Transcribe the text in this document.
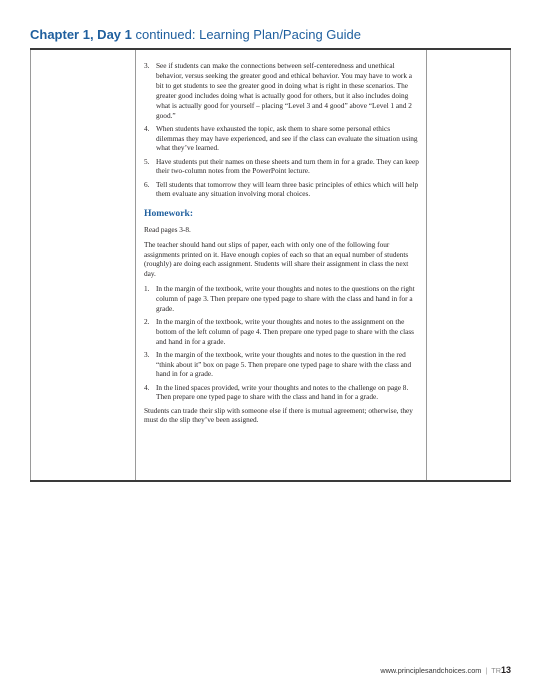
Chapter 1, Day 1 continued: Learning Plan/Pacing Guide
3. See if students can make the connections between self-centeredness and unethical behavior, versus seeking the greater good and ethical behavior. You may have to work a bit to get students to see the greater good in doing what is right in these scenarios. The greater good includes doing what is actually good for others, but it also includes doing what is actually good for yourself – placing “Level 3 and 4 good” above “Level 1 and 2 good.”
4. When students have exhausted the topic, ask them to share some personal ethics dilemmas they may have experienced, and see if the class can evaluate the situation using what they’ve learned.
5. Have students put their names on these sheets and turn them in for a grade. They can keep their two-column notes from the PowerPoint lecture.
6. Tell students that tomorrow they will learn three basic principles of ethics which will help them evaluate any situation involving moral choices.
Homework:

Read pages 3-8.

The teacher should hand out slips of paper, each with only one of the following four assignments printed on it. Have enough copies of each so that an equal number of students (roughly) are doing each assignment. Students will share their assignment in class the next day.

1. In the margin of the textbook, write your thoughts and notes to the questions on the right column of page 3. Then prepare one typed page to share with the class and hand in for a grade.
2. In the margin of the textbook, write your thoughts and notes to the assignment on the bottom of the left column of page 4. Then prepare one typed page to share with the class and hand in for a grade.
3. In the margin of the textbook, write your thoughts and notes to the question in the red “think about it” box on page 5. Then prepare one typed page to share with the class and hand in for a grade.
4. In the lined spaces provided, write your thoughts and notes to the challenge on page 8. Then prepare one typed page to share with the class and hand in for a grade.

Students can trade their slip with someone else if there is mutual agreement; otherwise, they must do the slip they’ve been assigned.

www.principlesandchoices.com | TR13
